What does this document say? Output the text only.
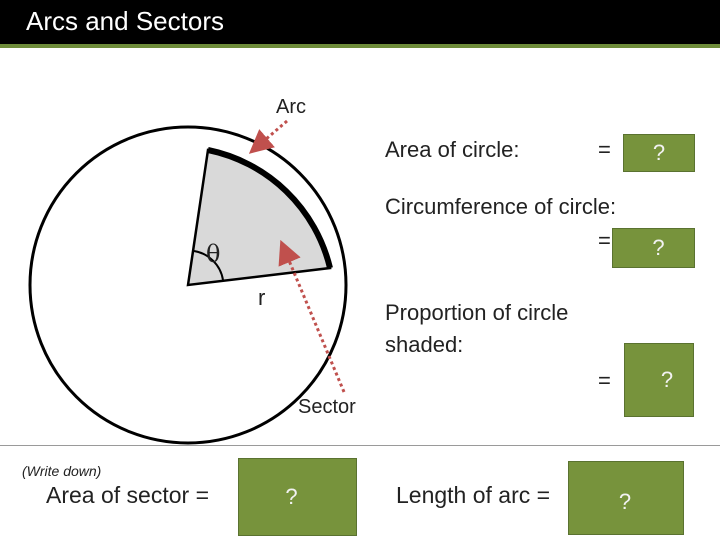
Arcs and Sectors
Arc
θ
r
Sector
Area of circle:	= ?
Circumference of circle:
=	?
Proportion of circle
shaded:
=	?
(Write down)
Area of sector =	?	Length of arc =	?
